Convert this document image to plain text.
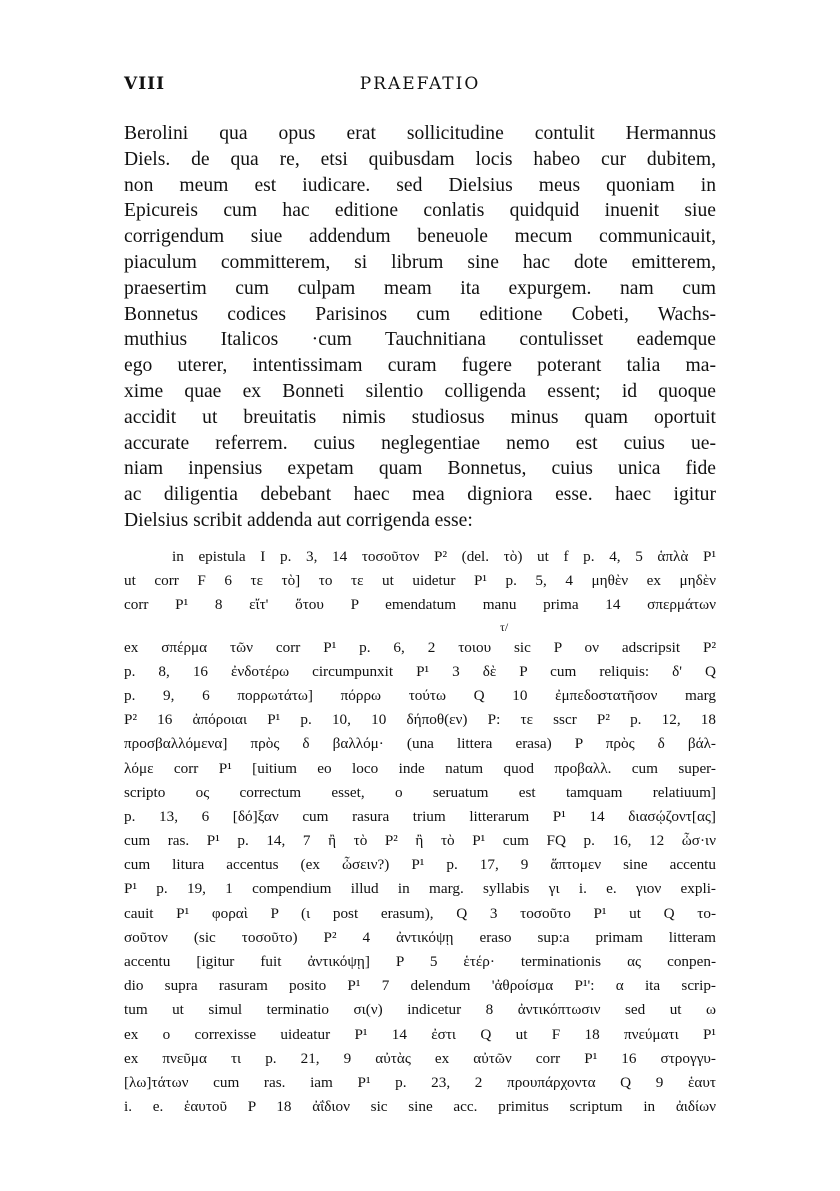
VIII	PRAEFATIO
Berolini qua opus erat sollicitudine contulit Hermannus
Diels. de qua re, etsi quibusdam locis habeo cur dubitem,
non meum est iudicare. sed Dielsius meus quoniam in
Epicureis cum hac editione conlatis quidquid inuenit siue
corrigendum siue addendum beneuole mecum communicauit,
piaculum committerem, si librum sine hac dote emitterem,
praesertim cum culpam meam ita expurgem. nam cum
Bonnetus codices Parisinos cum editione Cobeti, Wachs-
muthius Italicos ·cum Tauchnitiana contulisset eademque
ego uterer, intentissimam curam fugere poterant talia ma-
xime quae ex Bonneti silentio colligenda essent; id quoque
accidit ut breuitatis nimis studiosus minus quam oportuit
accurate referrem. cuius neglegentiae nemo est cuius ue-
niam inpensius expetam quam Bonnetus, cuius unica fide
ac diligentia debebant haec mea digniora esse. haec igitur
Dielsius scribit addenda aut corrigenda esse:
in epistula I p. 3, 14 τοσοῦτον P² (del. τὸ) ut f p. 4, 5 ἁπλὰ P¹
ut corr F 6 τε τὸ] το τε ut uidetur P¹ p. 5, 4 μηθὲν ex μηδὲν
corr P¹ 8 εἴτ' ὅτου P emendatum manu prima 14 σπερμάτων
τ/
ex σπέρμα τῶν corr P¹ p. 6, 2 τοιου sic P ον adscripsit P²
p. 8, 16 ἐνδοτέρω circumpunxit P¹ 3 δὲ P cum reliquis: δ' Q
p. 9, 6 πορρωτάτω] πόρρω τούτω Q 10 ἐμπεδοστατῆσον marg
P² 16 ἀπόροιαι P¹ p. 10, 10 δήποθ(εν) P: τε sscr P² p. 12, 18
προσβαλλόμενα] πρὸς δ βαλλόμ· (una littera erasa) P πρὸς δ βάλ-
λόμε corr P¹ [uitium eo loco inde natum quod προβαλλ. cum super-
scripto ος correctum esset, o seruatum est tamquam relatiuum]
p. 13, 6 [δό]ξαν cum rasura trium litterarum P¹ 14 διασῴζοντ[ας]
cum ras. P¹ p. 14, 7 ἢ τὸ P² ἢ τὸ P¹ cum FQ p. 16, 12 ὦσ·ιν
cum litura accentus (ex ὦσειν?) P¹ p. 17, 9 ἅπτομεν sine accentu
P¹ p. 19, 1 compendium illud in marg. syllabis γι i. e. γιον expli-
cauit P¹ φοραὶ P (ι post erasum), Q 3 τοσοῦτο P¹ ut Q το-
σοῦτον (sic τοσοῦτο) P² 4 ἀντικόψῃ eraso sup:a primam litteram
accentu [igitur fuit ἀντικόψῃ] P 5 ἑτέρ· terminationis ας conpen-
dio supra rasuram posito P¹ 7 delendum 'ἀθροίσμα P¹': α ita scrip-
tum ut simul terminatio σι(ν) indicetur 8 ἀντικόπτωσιν sed ut ω
ex ο correxisse uideatur P¹ 14 ἐστι Q ut F 18 πνεύματι P¹
ex πνεῦμα τι p. 21, 9 αὐτὰς ex αὐτῶν corr P¹ 16 στρογγυ-
[λω]τάτων cum ras. iam P¹ p. 23, 2 προυπάρχοντα Q 9 ἑαυτ
i. e. ἑαυτοῦ P 18 ἀΐδιον sic sine acc. primitus scriptum in ἀιδίων
